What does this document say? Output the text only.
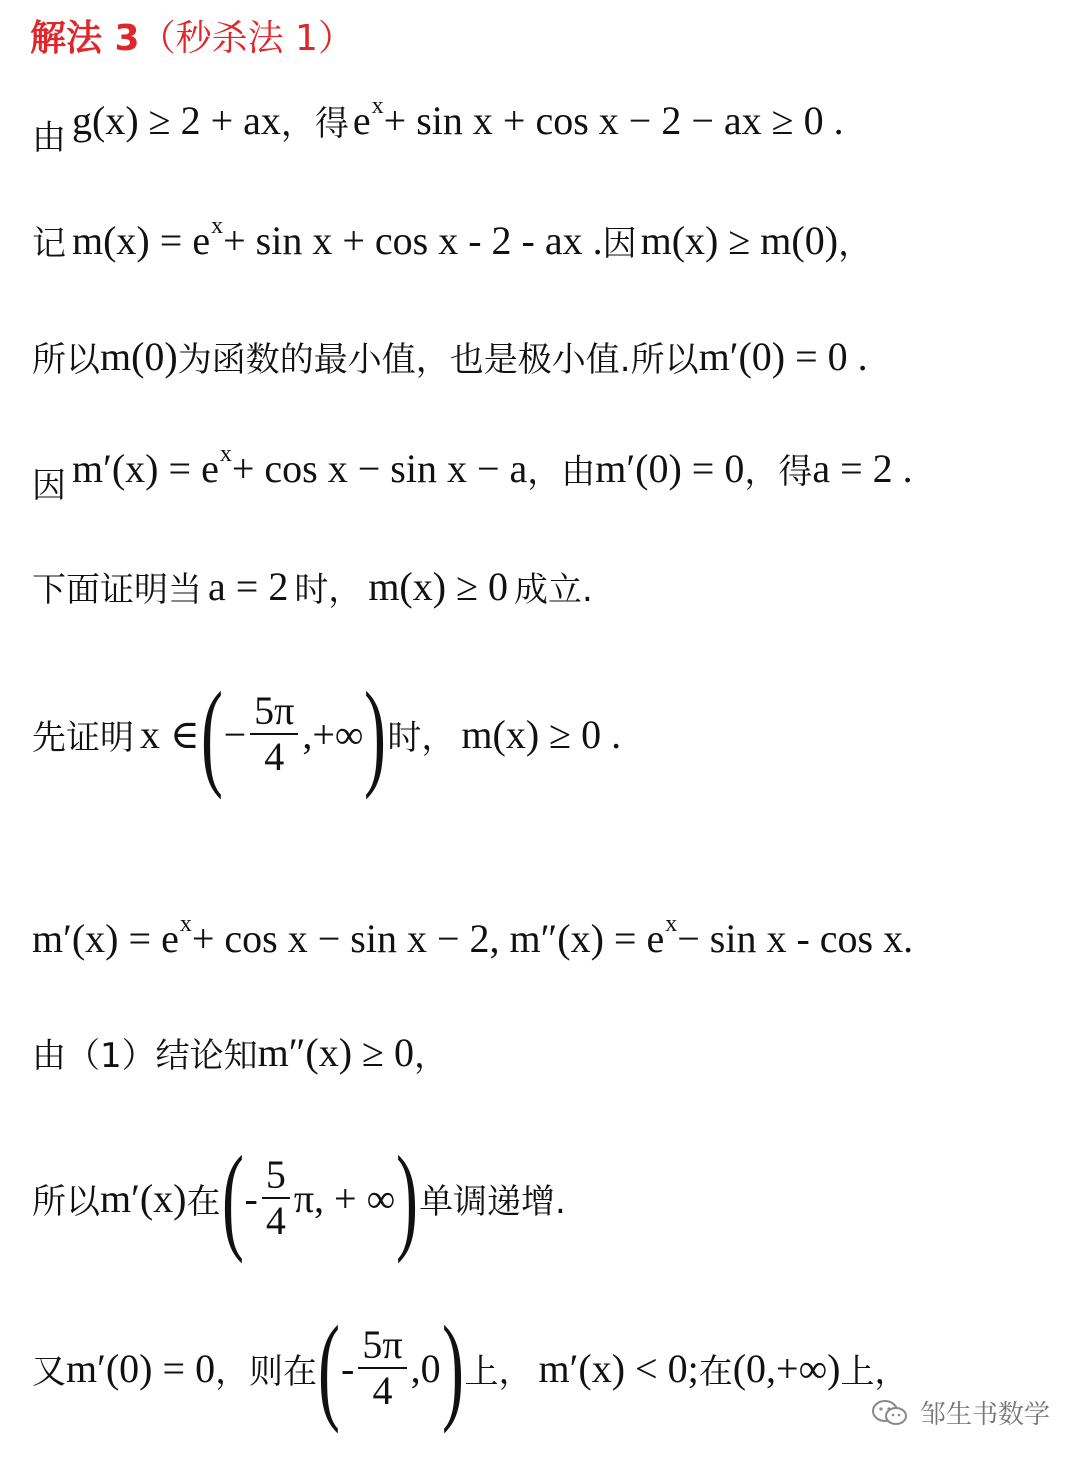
解法 3（秒杀法 1）
由 g(x) ≥ 2 + ax ，得 e x + sin x + cos x − 2 − ax ≥ 0 .
记 m(x) = e x + sin x + cos x - 2 - ax . 因 m(x) ≥ m(0) ，
所以 m(0) 为函数的最小值，也是极小值.所以 m′(0) = 0 .
因 m′(x) = e x + cos x − sin x − a ，由 m′(0) = 0 ，得 a = 2 .
下面证明当 a = 2 时， m(x) ≥ 0 成立.
先证明 x ∈ ( − $\frac{5\pi}{4}$ ,+∞ ) 时， m(x) ≥ 0 .
m′(x) = e x + cos x − sin x − 2, m″(x) = e x − sin x - cos x.
由（1）结论知 m″(x) ≥ 0 ，
所以 m′(x) 在 ( - $\frac{5}{4} \pi$, + ∞ ) 单调递增.
又 m′(0) = 0 ，则在 ( - $\frac{5\pi}{4} ,0$ ) 上， m′(x) < 0; 在 (0,+∞) 上，
邹生书数学
